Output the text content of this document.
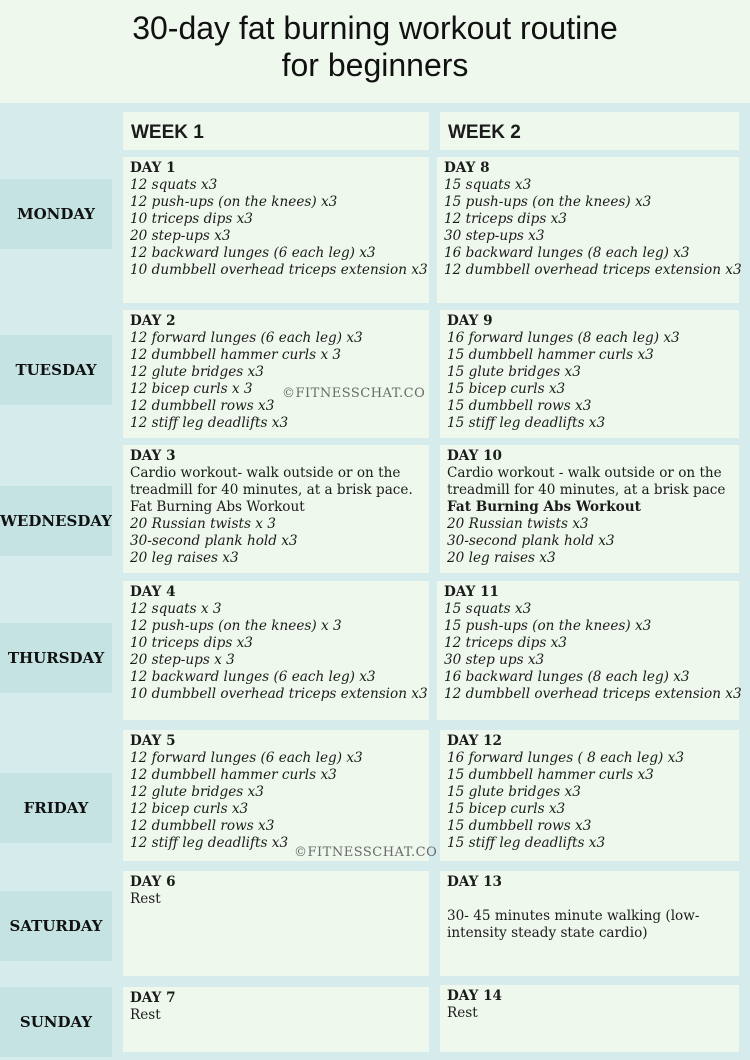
30-day fat burning workout routine
for beginners
WEEK 1	WEEK 2
MONDAY
TUESDAY
WEDNESDAY
THURSDAY
FRIDAY
SATURDAY
SUNDAY
DAY 1
12 squats x3
12 push-ups (on the knees) x3
10 triceps dips x3
20 step-ups x3
12 backward lunges (6 each leg) x3
10 dumbbell overhead triceps extension x3
DAY 2
12 forward lunges (6 each leg) x3
12 dumbbell hammer curls x 3
12 glute bridges x3
12 bicep curls x 3
12 dumbbell rows x3
12 stiff leg deadlifts x3
DAY 3
Cardio workout- walk outside or on the
treadmill for 40 minutes, at a brisk pace.
Fat Burning Abs Workout
20 Russian twists x 3
30-second plank hold x3
20 leg raises x3
DAY 4
12 squats x 3
12 push-ups (on the knees) x 3
10 triceps dips x3
20 step-ups x 3
12 backward lunges (6 each leg) x3
10 dumbbell overhead triceps extension x3
DAY 5
12 forward lunges (6 each leg) x3
12 dumbbell hammer curls x3
12 glute bridges x3
12 bicep curls x3
12 dumbbell rows x3
12 stiff leg deadlifts x3
DAY 6
Rest
DAY 7
Rest
DAY 8
15 squats x3
15 push-ups (on the knees) x3
12 triceps dips x3
30 step-ups x3
16 backward lunges (8 each leg) x3
12 dumbbell overhead triceps extension x3
DAY 9
16 forward lunges (8 each leg) x3
15 dumbbell hammer curls x3
15 glute bridges x3
15 bicep curls x3
15 dumbbell rows x3
15 stiff leg deadlifts x3
DAY 10
Cardio workout - walk outside or on the
treadmill for 40 minutes, at a brisk pace
Fat Burning Abs Workout
20 Russian twists x3
30-second plank hold x3
20 leg raises x3
DAY 11
15 squats x3
15 push-ups (on the knees) x3
12 triceps dips x3
30 step ups x3
16 backward lunges (8 each leg) x3
12 dumbbell overhead triceps extension x3
DAY 12
16 forward lunges ( 8 each leg) x3
15 dumbbell hammer curls x3
15 glute bridges x3
15 bicep curls x3
15 dumbbell rows x3
15 stiff leg deadlifts x3
DAY 13
30- 45 minutes minute walking (low-
intensity steady state cardio)
DAY 14
Rest
©FITNESSCHAT.CO
©FITNESSCHAT.CO
